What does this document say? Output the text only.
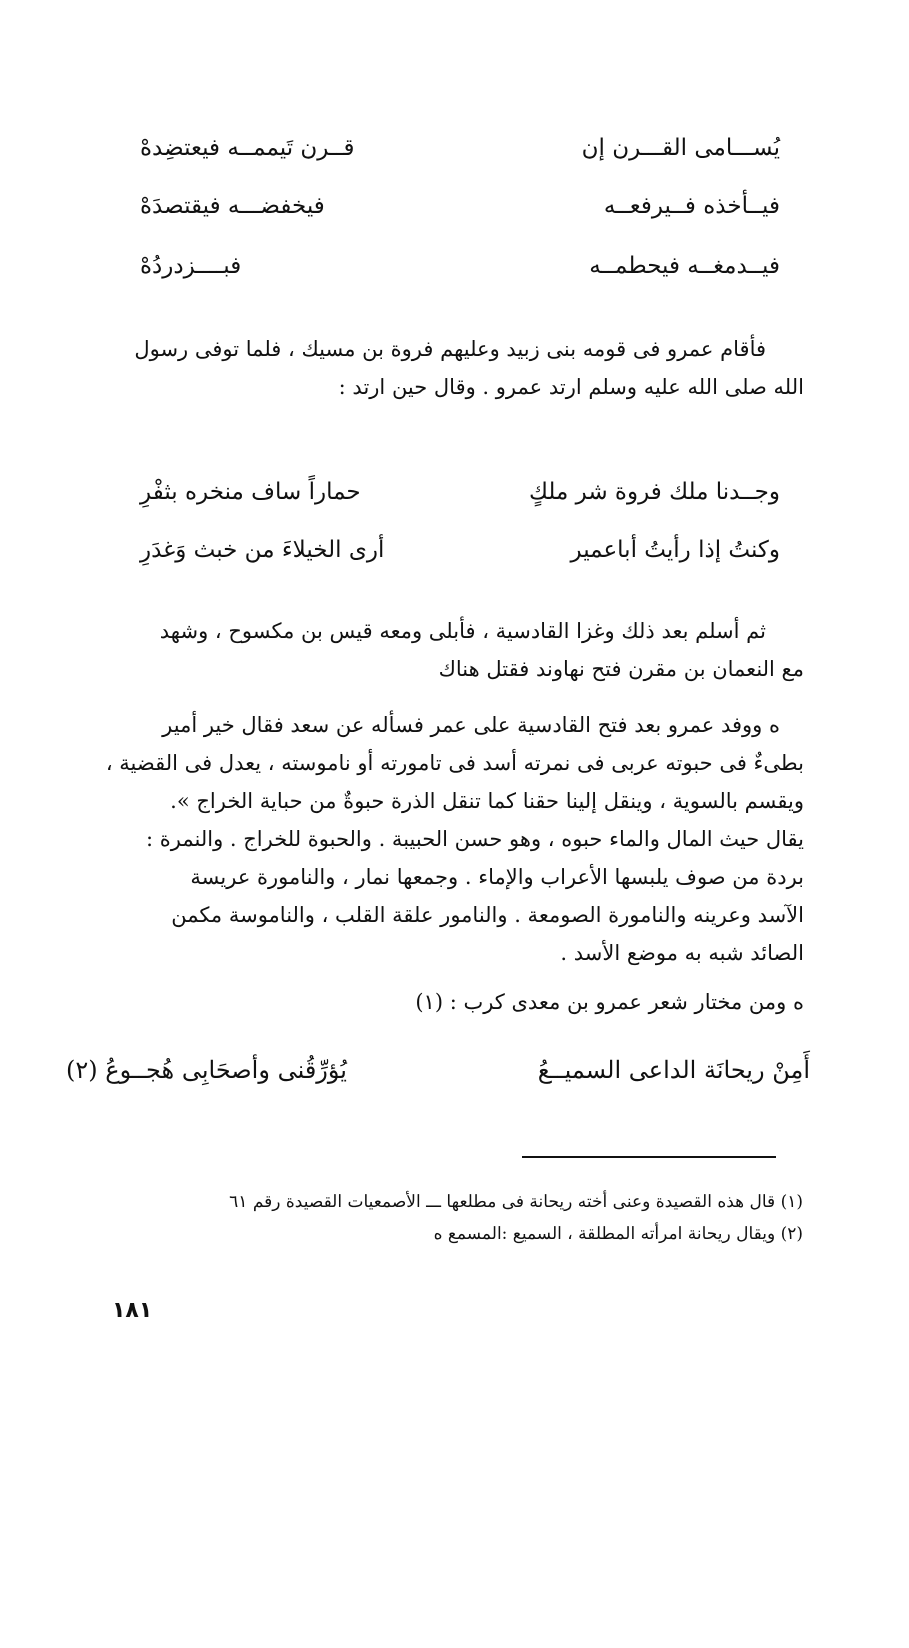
يُســـامى القـــرن إن
قــرن تَيممــه فيعتضِدهْ
فيــأخذه فــيرفعــه
فيخفضـــه فيقتصدَهْ
فيــدمغــه فيحطمــه
فبــــزدردُهْ

فأقام عمرو فى قومه بنى زبيد وعليهم فروة بن مسيك ، فلما توفى رسول

الله صلى الله عليه وسلم ارتد عمرو . وقال حين ارتد :

وجــدنا ملك فروة شر ملكٍ
حماراً ساف منخره بثفْرِ
وكنتُ إذا رأيتُ أباعمير
أرى الخيلاءَ من خبث وَغدَرِ

ثم أسلم بعد ذلك وغزا القادسية ، فأبلى ومعه قيس بن مكسوح ، وشهد

مع النعمان بن مقرن فتح نهاوند فقتل هناك

ه ووفد عمرو بعد فتح القادسية على عمر فسأله عن سعد فقال خير أمير

بطىءٌ فى حبوته عربى فى نمرته أسد فى تامورته أو ناموسته ، يعدل فى القضية ،

ويقسم بالسوية ، وينقل إلينا حقنا كما تنقل الذرة حبوةٌ من حباية الخراج ».

يقال حيث المال والماء حبوه ، وهو حسن الحبيبة . والحبوة للخراج . والنمرة :

بردة من صوف يلبسها الأعراب والإماء . وجمعها نمار ، والنامورة عريسة

الآسد وعرينه والنامورة الصومعة . والنامور علقة القلب ، والناموسة مكمن

الصائد شبه به موضع الأسد .

ه ومن مختار شعر عمرو بن معدى كرب : (١)
أَمِنْ ريحانَة الداعى السميــعُ
يُؤرِّقُنى وأصحَابِى هُجــوعُ (٢)
(١) قال هذه القصيدة وعنى أخته ريحانة فى مطلعها ـــ الأصمعيات القصيدة رقم ٦١
(٢) ويقال ريحانة امرأته المطلقة ، السميع :المسمع ه
١٨١
